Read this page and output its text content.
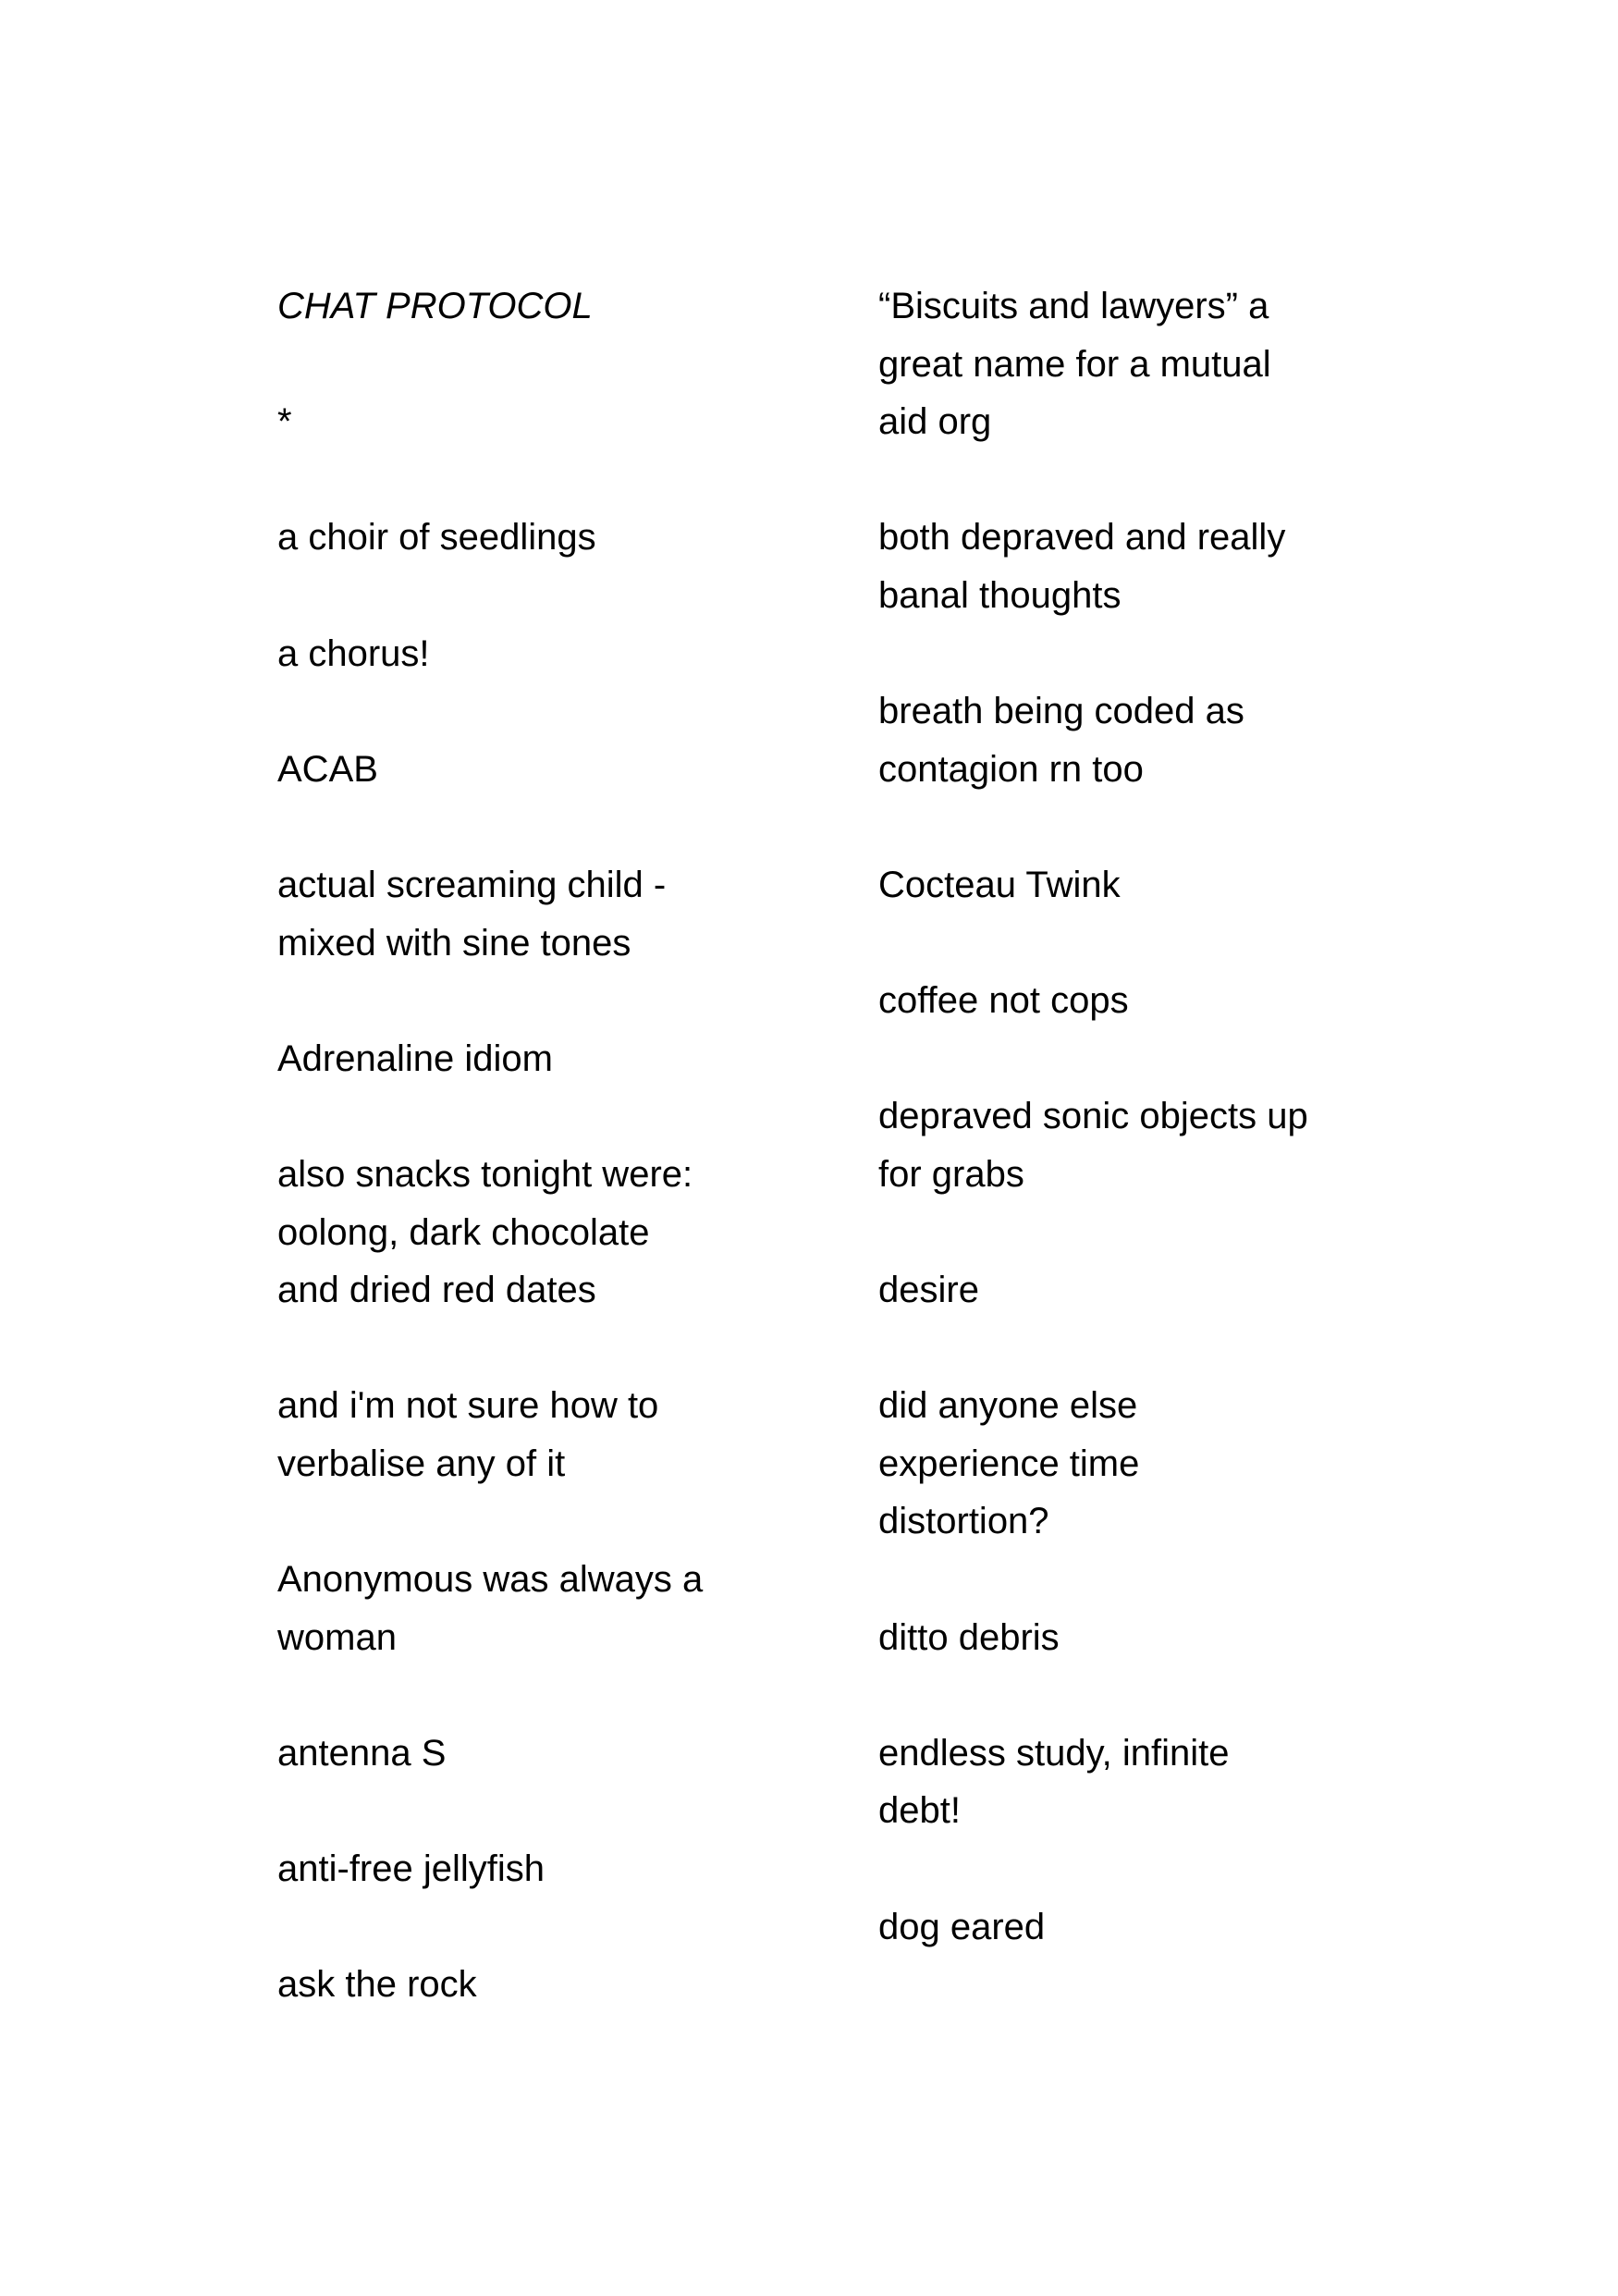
CHAT PROTOCOL
*
a choir of seedlings
a chorus!
ACAB
actual screaming child -
mixed with sine tones
Adrenaline idiom
also snacks tonight were:
oolong, dark chocolate
and dried red dates
and i'm not sure how to
verbalise any of it
Anonymous was always a
woman
antenna S
anti-free jellyfish
ask the rock
“Biscuits and lawyers” a
great name for a mutual
aid org
both depraved and really
banal thoughts
breath being coded as
contagion rn too
Cocteau Twink
coffee not cops
depraved sonic objects up
for grabs
desire
did anyone else
experience time
distortion?
ditto debris
endless study, infinite
debt!
dog eared
